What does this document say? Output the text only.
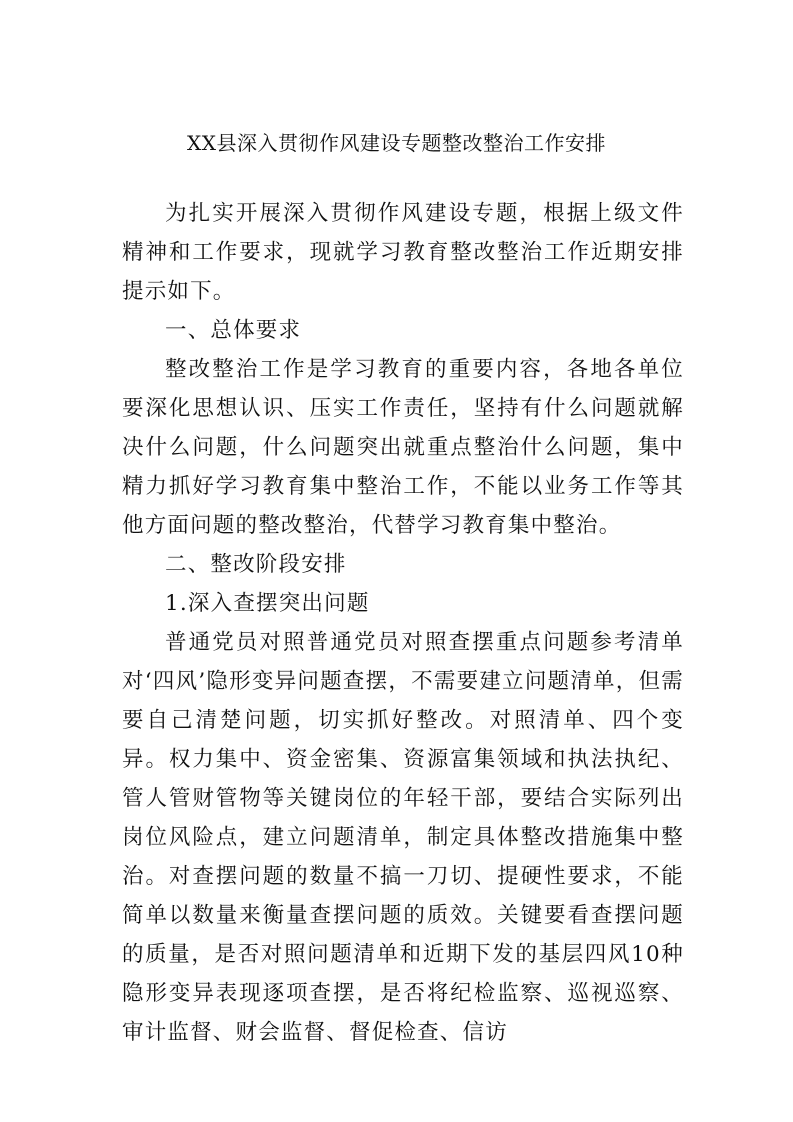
XX县深入贯彻作风建设专题整改整治工作安排

为扎实开展深入贯彻作风建设专题，根据上级文件精神和工作要求，现就学习教育整改整治工作近期安排提示如下。

一、总体要求

整改整治工作是学习教育的重要内容，各地各单位要深化思想认识、压实工作责任，坚持有什么问题就解决什么问题，什么问题突出就重点整治什么问题，集中精力抓好学习教育集中整治工作，不能以业务工作等其他方面问题的整改整治，代替学习教育集中整治。

二、整改阶段安排

1.深入查摆突出问题

普通党员对照普通党员对照查摆重点问题参考清单对‘四风’隐形变异问题查摆，不需要建立问题清单，但需要自己清楚问题，切实抓好整改。对照清单、四个变异。权力集中、资金密集、资源富集领域和执法执纪、管人管财管物等关键岗位的年轻干部，要结合实际列出岗位风险点，建立问题清单，制定具体整改措施集中整治。对查摆问题的数量不搞一刀切、提硬性要求，不能简单以数量来衡量查摆问题的质效。关键要看查摆问题的质量，是否对照问题清单和近期下发的基层四风10种隐形变异表现逐项查摆，是否将纪检监察、巡视巡察、审计监督、财会监督、督促检查、信访
